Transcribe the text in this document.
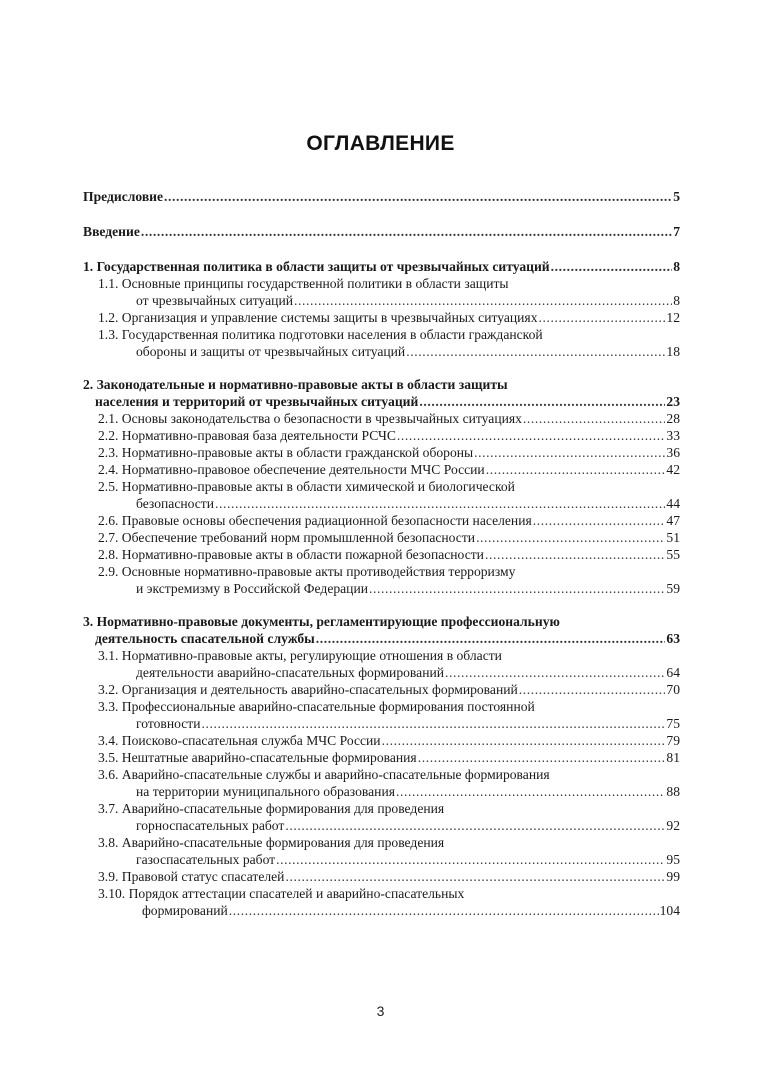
ОГЛАВЛЕНИЕ
Предисловие .....	5
Введение .....	7
1. Государственная политика в области защиты от чрезвычайных ситуаций .....	8
1.1. Основные принципы государственной политики в области защиты
от чрезвычайных ситуаций .....	8
1.2. Организация и управление системы защиты в чрезвычайных ситуациях .....	12
1.3. Государственная политика подготовки населения в области гражданской
обороны и защиты от чрезвычайных ситуаций .....	18
2. Законодательные и нормативно-правовые акты в области защиты
населения и территорий от чрезвычайных ситуаций .....	23
2.1. Основы законодательства о безопасности в чрезвычайных ситуациях .....	28
2.2. Нормативно-правовая база деятельности РСЧС .....	33
2.3. Нормативно-правовые акты в области гражданской обороны .....	36
2.4. Нормативно-правовое обеспечение деятельности МЧС России .....	42
2.5. Нормативно-правовые акты в области химической и биологической
безопасности .....	44
2.6. Правовые основы обеспечения радиационной безопасности населения .....	47
2.7. Обеспечение требований норм промышленной безопасности .....	51
2.8. Нормативно-правовые акты в области пожарной безопасности .....	55
2.9. Основные нормативно-правовые акты противодействия терроризму
и экстремизму в Российской Федерации .....	59
3. Нормативно-правовые документы, регламентирующие профессиональную
деятельность спасательной службы .....	63
3.1. Нормативно-правовые акты, регулирующие отношения в области
деятельности аварийно-спасательных формирований .....	64
3.2. Организация и деятельность аварийно-спасательных формирований .....	70
3.3. Профессиональные аварийно-спасательные формирования постоянной
готовности .....	75
3.4. Поисково-спасательная служба МЧС России .....	79
3.5. Нештатные аварийно-спасательные формирования .....	81
3.6. Аварийно-спасательные службы и аварийно-спасательные формирования
на территории муниципального образования .....	88
3.7. Аварийно-спасательные формирования для проведения
горноспасательных работ .....	92
3.8. Аварийно-спасательные формирования для проведения
газоспасательных работ .....	95
3.9. Правовой статус спасателей .....	99
3.10. Порядок аттестации спасателей и аварийно-спасательных
формирований .....	104
3
